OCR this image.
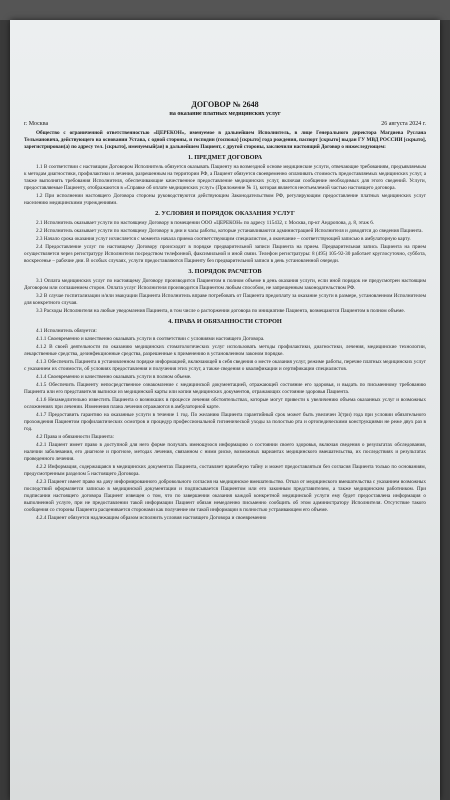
ДОГОВОР № 2648
на оказание платных медицинских услуг
г. Москва	26 августа 2024 г.

Общество с ограниченной ответственностью «ЦЕРЕКОН», именуемое в дальнейшем Исполнитель, в лице Генерального директора Магдиева Руслана Тельмановича, действующего на основании Устава, с одной стороны, и господин (госпожа) [скрыто] года рождения, паспорт [скрыто] выдан ГУ МВД РОССИИ [скрыто], зарегистрирован(а) по адресу тел. [скрыто], именуемый(ая) в дальнейшем Пациент, с другой стороны, заключили настоящий Договор о нижеследующем:

1. ПРЕДМЕТ ДОГОВОРА

1.1 В соответствии с настоящим Договором Исполнитель обязуется оказывать Пациенту на возмездной основе медицинские услуги, отвечающие требованиям, предъявляемым к методам диагностики, профилактики и лечения, разрешенным на территории РФ, а Пациент обязуется своевременно оплачивать стоимость предоставляемых медицинских услуг, а также выполнять требования Исполнителя, обеспечивающие качественное предоставление медицинских услуг, включая сообщение необходимых для этого сведений. Услуги, предоставляемые Пациенту, отображаются в «Справке об оплате медицинских услуг» (Приложение № 1), которая является неотъемлемой частью настоящего договора.

1.2 При исполнении настоящего Договора стороны руководствуются действующим Законодательством РФ, регулирующим предоставление платных медицинских услуг населению медицинскими учреждениями.

2. УСЛОВИЯ И ПОРЯДОК ОКАЗАНИЯ УСЛУГ

2.1 Исполнитель оказывает услуги по настоящему Договору в помещении ООО «ЦЕРЕКОН» по адресу 115432, г. Москва, пр-кт Андропова, д. 8, этаж 6.

2.2 Исполнитель оказывает услуги по настоящему Договору в дни и часы работы, которые устанавливаются администрацией Исполнителя и доводятся до сведения Пациента.

2.3 Начало срока оказания услуг исчисляется с момента начала приема соответствующим специалистом, а окончание – соответствующей записью в амбулаторную карту.

2.4 Предоставление услуг по настоящему Договору происходит в порядке предварительной записи Пациента на прием. Предварительная запись Пациента на прием осуществляется через регистратуру Исполнителя посредством телефонной, факсимильной и иной связи. Телефон регистратуры: 8 (495) 105-92-30 работает круглосуточно, суббота, воскресенье – рабочие дни. В особых случаях, услуги предоставляются Пациенту без предварительной записи в день установленной очереди.

3. ПОРЯДОК РАСЧЕТОВ

3.1 Оплата медицинских услуг по настоящему Договору производится Пациентом в полном объеме в день оказания услуги, если иной порядок не предусмотрен настоящим Договором или соглашением сторон. Оплата услуг Исполнителя производится Пациентом любым способом, не запрещенным законодательством РФ.

3.2 В случае госпитализации и/или эвакуации Пациента Исполнитель вправе потребовать от Пациента предоплату за оказание услуги в размере, установленном Исполнителем для конкретного случая.

3.3 Расходы Исполнителя на любые уведомления Пациента, в том числе о расторжении договора по инициативе Пациента, возмещаются Пациентом в полном объеме.

4. ПРАВА И ОБЯЗАННОСТИ СТОРОН

4.1 Исполнитель обязуется:

4.1.1 Своевременно и качественно оказывать услуги в соответствии с условиями настоящего Договора.

4.1.2 В своей деятельности по оказанию медицинских стоматологических услуг использовать методы профилактики, диагностики, лечения, медицинские технологии, лекарственные средства, дезинфекционные средства, разрешенные к применению в установленном законом порядке.

4.1.3 Обеспечить Пациента в установленном порядке информацией, включающей в себя сведения о месте оказания услуг, режиме работы, перечне платных медицинских услуг с указанием их стоимости, об условиях предоставления и получения этих услуг, а также сведения о квалификации и сертификации специалистов.

4.1.4 Своевременно и качественно оказывать услуги в полном объеме.

4.1.5 Обеспечить Пациенту непосредственное ознакомление с медицинской документацией, отражающей состояние его здоровья, и выдать по письменному требованию Пациента или его представителя выписки из медицинской карты или копии медицинских документов, отражающих состояние здоровья Пациента.

4.1.6 Незамедлительно известить Пациента о возникших в процессе лечения обстоятельствах, которые могут привести к увеличению объема оказанных услуг и возможных осложнениях при лечении. Изменения плана лечения отражаются в амбулаторной карте.

4.1.7 Предоставить гарантию на оказанные услуги в течение 1 год. По желанию Пациента гарантийный срок может быть увеличен 3(три) года при условии обязательного прохождения Пациентом профилактических осмотров и процедур профессиональной гигиенической уходы за полостью рта и ортопедическими конструкциями не реже двух раз в год.

4.2 Права и обязанности Пациента:

4.2.1 Пациент имеет право в доступной для него форме получать имеющуюся информацию о состоянии своего здоровья, включая сведения о результатах обследования, наличии заболевания, его диагнозе и прогнозе, методах лечения, связанном с ними риске, возможных вариантах медицинского вмешательства, их последствиях и результатах проведенного лечения.

4.2.2 Информация, содержащаяся в медицинских документах Пациента, составляет врачебную тайну и может предоставляться без согласия Пациента только по основаниям, предусмотренным разделом 5 настоящего Договора.

4.2.3 Пациент имеет право на дачу информированного добровольного согласия на медицинское вмешательство. Отказ от медицинского вмешательства с указанием возможных последствий оформляется записью в медицинской документации и подписывается Пациентом или его законным представителем, а также медицинским работником. При подписании настоящего договора Пациент извещен о том, что по завершении оказания каждой конкретной медицинской услуги ему будет предоставлена информация о выполненной услуге, при не предоставлении такой информации Пациент обязан немедленно письменно сообщить об этом администратору Исполнителя. Отсутствие такого сообщения со стороны Пациента расценивается сторонами как получение им такой информации в полностью устраивающем его объеме.

4.2.4 Пациент обязуется надлежащим образом исполнить условия настоящего Договора и своевременно
